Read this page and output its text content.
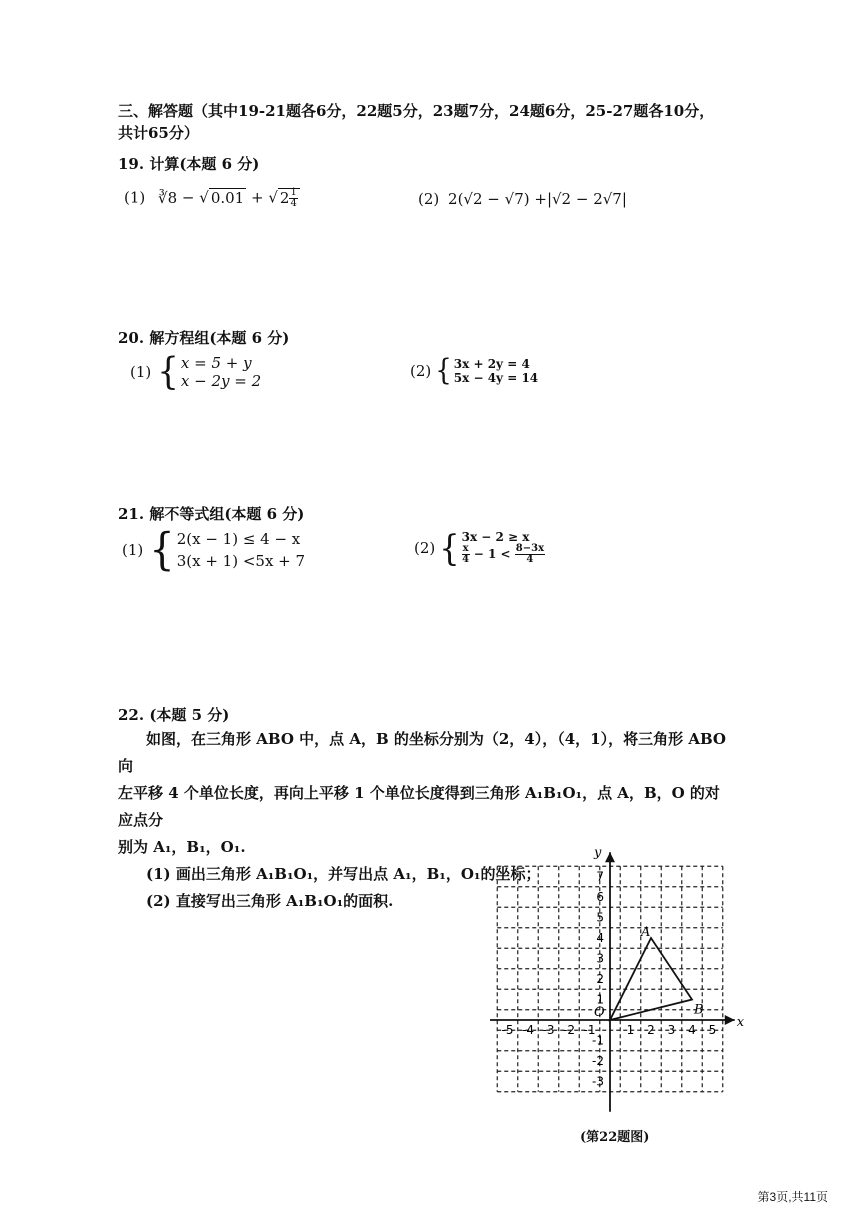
三、解答题（其中19-21题各6分，22题5分，23题7分，24题6分，25-27题各10分，
共计65分）
19. 计算(本题 6 分)
(1) ∛8 − √ 0.01 + √ $2 \frac{1}{4}$	(2) 2(√2 − √7) +|√2 − 2√7|
20. 解方程组(本题 6 分)
(1) { x = 5 + y
x − 2y = 2
(2) { 3x + 2y = 4
5x − 4y = 14
21. 解不等式组(本题 6 分)
(1) { 2(x − 1) ≤ 4 − x
3(x + 1) <5x + 7
(2) { 3x − 2 ≥ x
$\frac{x}{4} - 1 < \frac{8-3x}{4}$
22. (本题 5 分)
如图，在三角形 ABO 中，点 A，B 的坐标分别为（2，4），（4，1），将三角形 ABO 向
左平移 4 个单位长度，再向上平移 1 个单位长度得到三角形 A₁B₁O₁，点 A，B，O 的对应点分
别为 A₁，B₁，O₁.
(1) 画出三角形 A₁B₁O₁，并写出点 A₁，B₁，O₁的坐标；
(2) 直接写出三角形 A₁B₁O₁的面积.
-5 -4 -3 -2 -1	1 2 3 4 5
7
6
5
4
3
2
1
-1
-2
-3
x
y
A
B
O
(第22题图)
第3页,共11页
